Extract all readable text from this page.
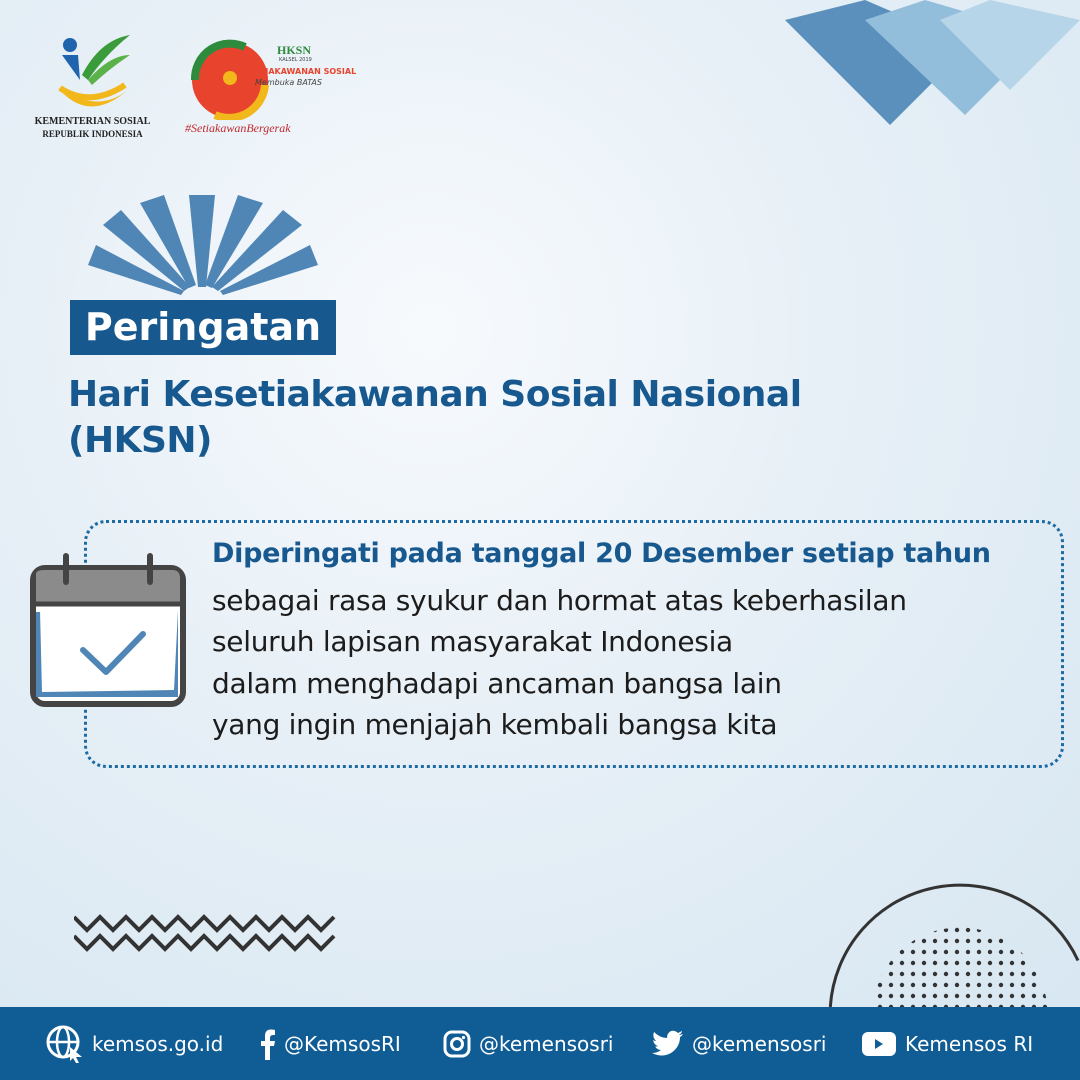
KEMENTERIAN SOSIAL
REPUBLIK INDONESIA
HKSN
KALSEL 2019
KESETIAKAWANAN SOSIAL
Membuka BATAS
#SetiakawanBergerak
Peringatan
Hari Kesetiakawanan Sosial Nasional
(HKSN)
Diperingati pada tanggal 20 Desember setiap tahun
sebagai rasa syukur dan hormat atas keberhasilan
seluruh lapisan masyarakat Indonesia
dalam menghadapi ancaman bangsa lain
yang ingin menjajah kembali bangsa kita
kemsos.go.id	@KemsosRI	@kemensosri	@kemensosri	Kemensos RI
